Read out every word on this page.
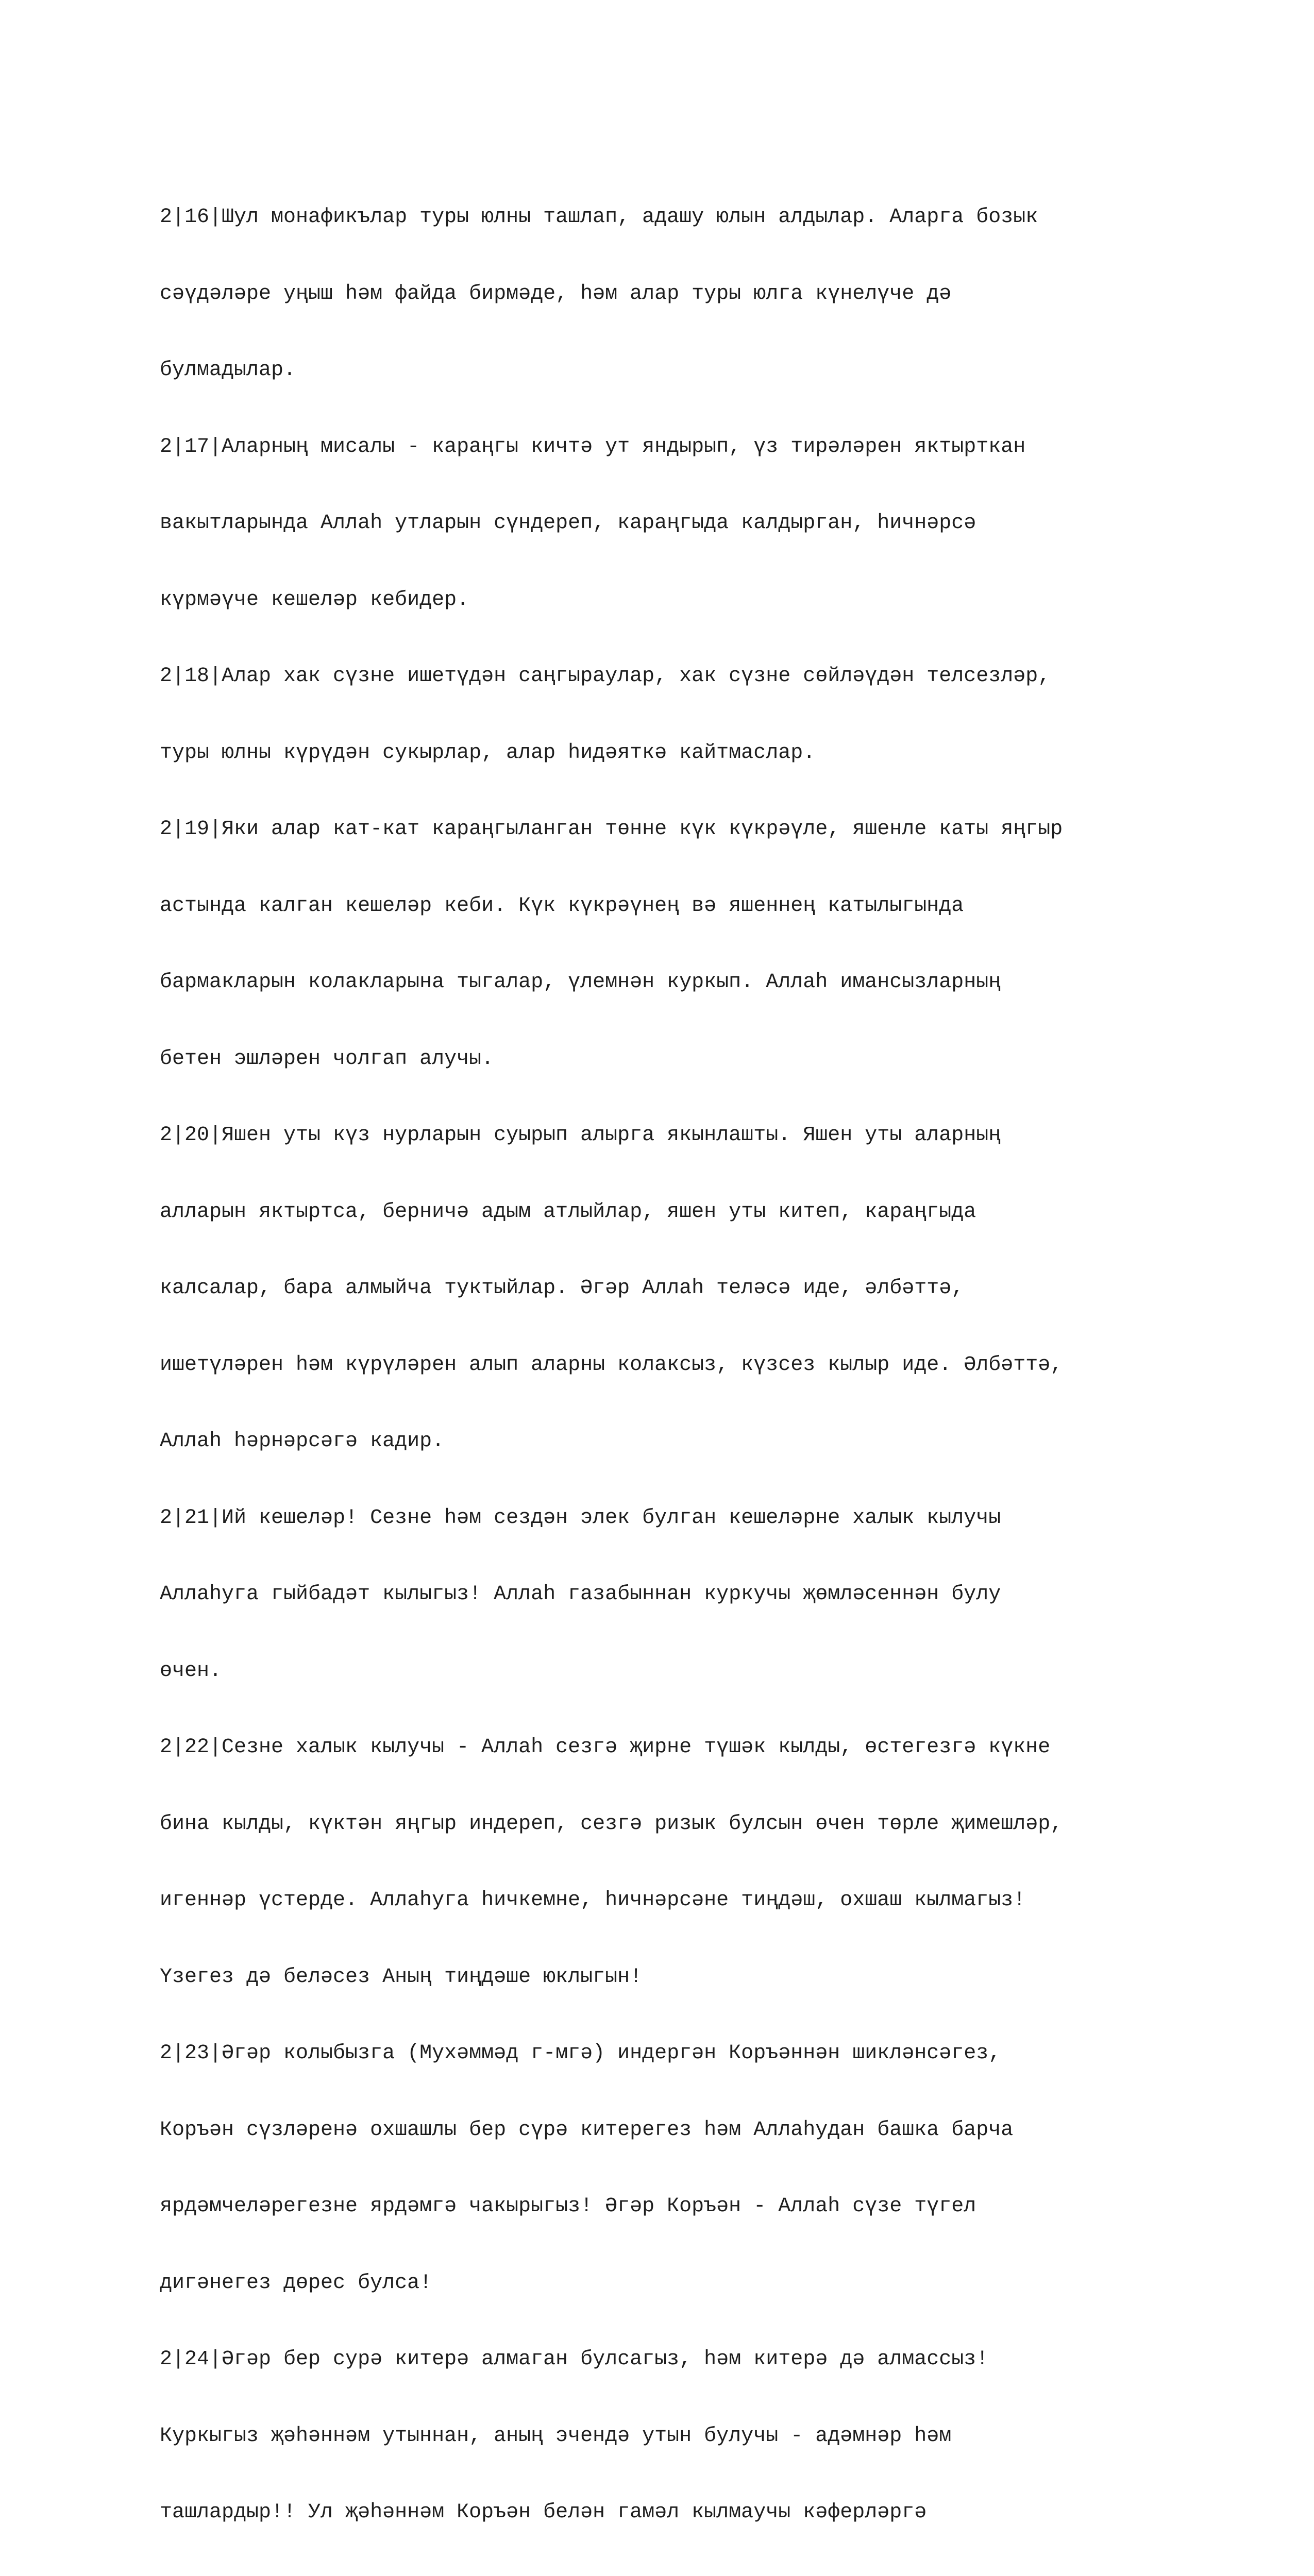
2|16|Шул монафикълар туры юлны ташлап, адашу юлын алдылар. Аларга бозык

сәүдәләре уңыш һәм файда бирмәде, һәм алар туры юлга күнелүче дә

булмадылар.

2|17|Аларның мисалы - караңгы кичтә ут яндырып, үз тирәләрен яктырткан

вакытларында Аллаһ утларын сүндереп, караңгыда калдырган, һичнәрсә

күрмәүче кешеләр кебидер.

2|18|Алар хак сүзне ишетүдән саңгыраулар, хак сүзне сөйләүдән телсезләр,

туры юлны күрүдән сукырлар, алар һидәяткә кайтмаслар.

2|19|Яки алар кат-кат караңгыланган төнне күк күкрәүле, яшенле каты яңгыр

астында калган кешеләр кеби. Күк күкрәүнең вә яшеннең катылыгында

бармакларын колакларына тыгалар, үлемнән куркып. Аллаһ имансызларның

бетен эшләрен чолгап алучы.

2|20|Яшен уты күз нурларын суырып алырга якынлашты. Яшен уты аларның

алларын яктыртса, берничә адым атлыйлар, яшен уты китеп, караңгыда

калсалар, бара алмыйча туктыйлар. Әгәр Аллаһ теләсә иде, әлбәттә,

ишетүләрен һәм күрүләрен алып аларны колаксыз, күзсез кылыр иде. Әлбәттә,

Аллаһ һәрнәрсәгә кадир.

2|21|Ий кешеләр! Сезне һәм сездән элек булган кешеләрне халык кылучы

Аллаһуга гыйбадәт кылыгыз! Аллаһ газабыннан куркучы җөмләсеннән булу

өчен.

2|22|Сезне халык кылучы - Аллаһ сезгә җирне түшәк кылды, өстегезгә күкне

бина кылды, күктән яңгыр индереп, сезгә ризык булсын өчен төрле җимешләр,

игеннәр үстерде. Аллаһуга һичкемне, һичнәрсәне тиңдәш, охшаш кылмагыз!

Үзегез дә беләсез Аның тиңдәше юклыгын!

2|23|Әгәр колыбызга (Мухәммәд г-мгә) индергән Коръәннән шикләнсәгез,

Коръән сүзләренә охшашлы бер сүрә китерегез һәм Аллаһудан башка барча

ярдәмчеләрегезне ярдәмгә чакырыгыз! Әгәр Коръән - Аллаһ сүзе түгел

дигәнегез дөрес булса!

2|24|Әгәр бер сурә китерә алмаган булсагыз, һәм китерә дә алмассыз!

Куркыгыз җәһәннәм утыннан, аның эчендә утын булучы - адәмнәр һәм

ташлардыр!! Ул җәһәннәм Коръән белән гамәл кылмаучы кәферләргә
